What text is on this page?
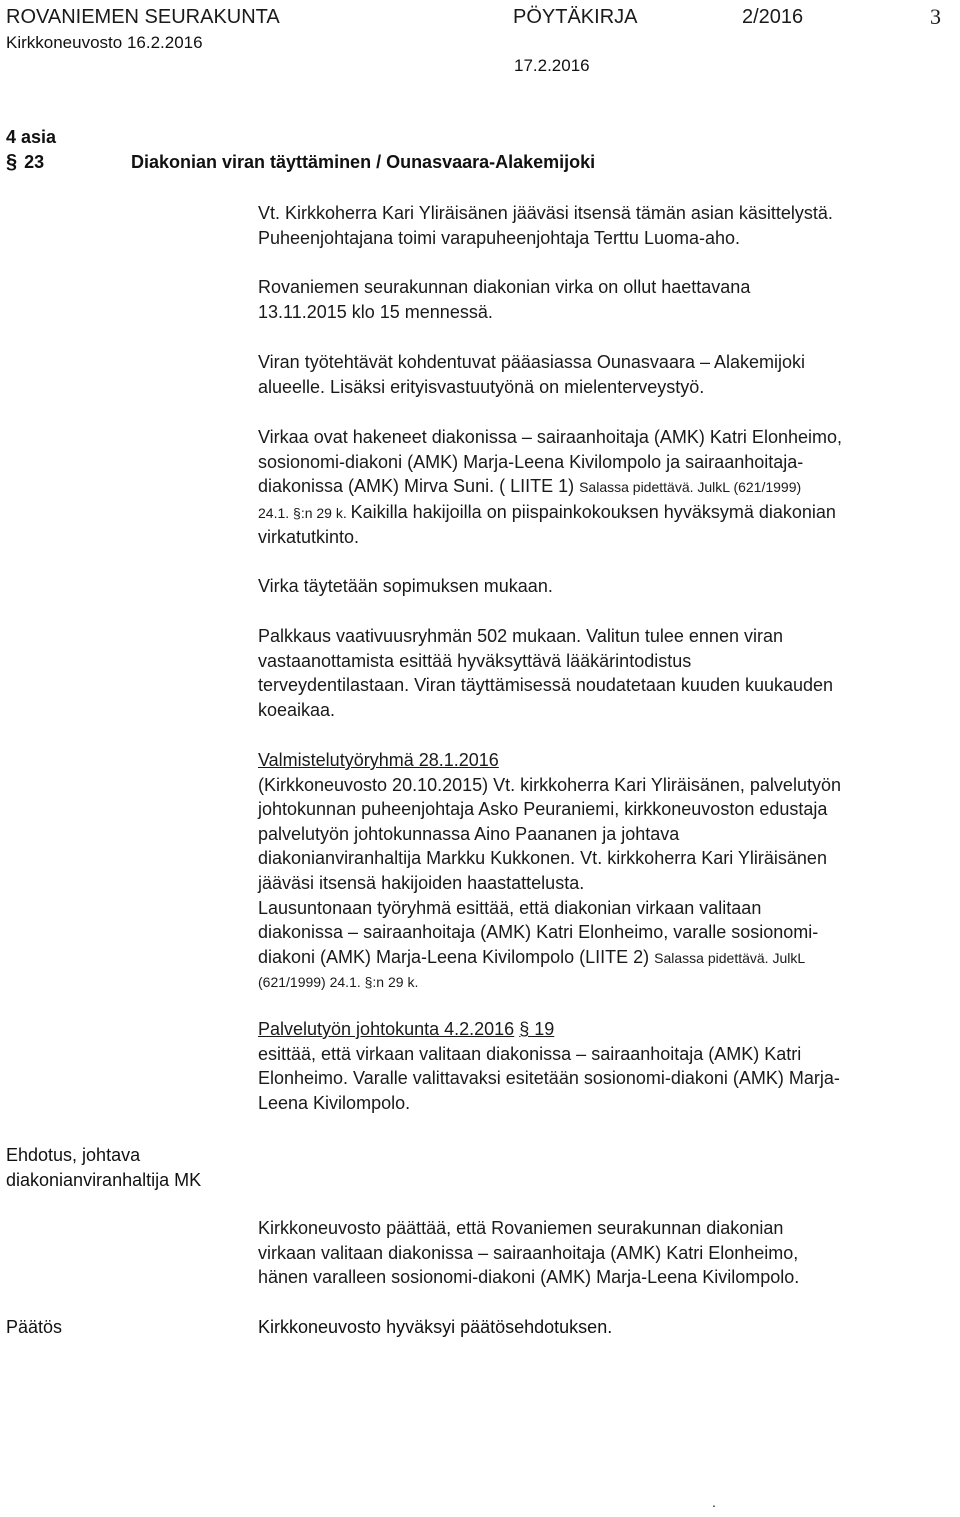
ROVANIEMEN SEURAKUNTA	PÖYTÄKIRJA	2/2016	3
Kirkkoneuvosto 16.2.2016
17.2.2016
4 asia
§ 23	Diakonian viran täyttäminen / Ounasvaara-Alakemijoki
Vt. Kirkkoherra Kari Yliräisänen jääväsi itsensä tämän asian käsittelystä.
Puheenjohtajana toimi varapuheenjohtaja Terttu Luoma-aho.
Rovaniemen seurakunnan diakonian virka on ollut haettavana
13.11.2015 klo 15 mennessä.
Viran työtehtävät kohdentuvat pääasiassa Ounasvaara – Alakemijoki
alueelle. Lisäksi erityisvastuutyönä on mielenterveystyö.
Virkaa ovat hakeneet diakonissa – sairaanhoitaja (AMK) Katri Elonheimo,
sosionomi-diakoni (AMK) Marja-Leena Kivilompolo ja sairaanhoitaja-
diakonissa (AMK) Mirva Suni. ( LIITE 1) Salassa pidettävä. JulkL (621/1999)
24.1. §:n 29 k. Kaikilla hakijoilla on piispainkokouksen hyväksymä diakonian
virkatutkinto.
Virka täytetään sopimuksen mukaan.
Palkkaus vaativuusryhmän 502 mukaan. Valitun tulee ennen viran
vastaanottamista esittää hyväksyttävä lääkärintodistus
terveydentilastaan. Viran täyttämisessä noudatetaan kuuden kuukauden
koeaikaa.
Valmistelutyöryhmä 28.1.2016
(Kirkkoneuvosto 20.10.2015) Vt. kirkkoherra Kari Yliräisänen, palvelutyön
johtokunnan puheenjohtaja Asko Peuraniemi, kirkkoneuvoston edustaja
palvelutyön johtokunnassa Aino Paananen ja johtava
diakonianviranhaltija Markku Kukkonen. Vt. kirkkoherra Kari Yliräisänen
jääväsi itsensä hakijoiden haastattelusta.
Lausuntonaan työryhmä esittää, että diakonian virkaan valitaan
diakonissa – sairaanhoitaja (AMK) Katri Elonheimo, varalle sosionomi-
diakoni (AMK) Marja-Leena Kivilompolo (LIITE 2) Salassa pidettävä. JulkL
(621/1999) 24.1. §:n 29 k.
Palvelutyön johtokunta 4.2.2016 § 19
esittää, että virkaan valitaan diakonissa – sairaanhoitaja (AMK) Katri
Elonheimo. Varalle valittavaksi esitetään sosionomi-diakoni (AMK) Marja-
Leena Kivilompolo.
Ehdotus, johtava
diakonianviranhaltija MK
Kirkkoneuvosto päättää, että Rovaniemen seurakunnan diakonian
virkaan valitaan diakonissa – sairaanhoitaja (AMK) Katri Elonheimo,
hänen varalleen sosionomi-diakoni (AMK) Marja-Leena Kivilompolo.
Päätös	Kirkkoneuvosto hyväksyi päätösehdotuksen.
.
